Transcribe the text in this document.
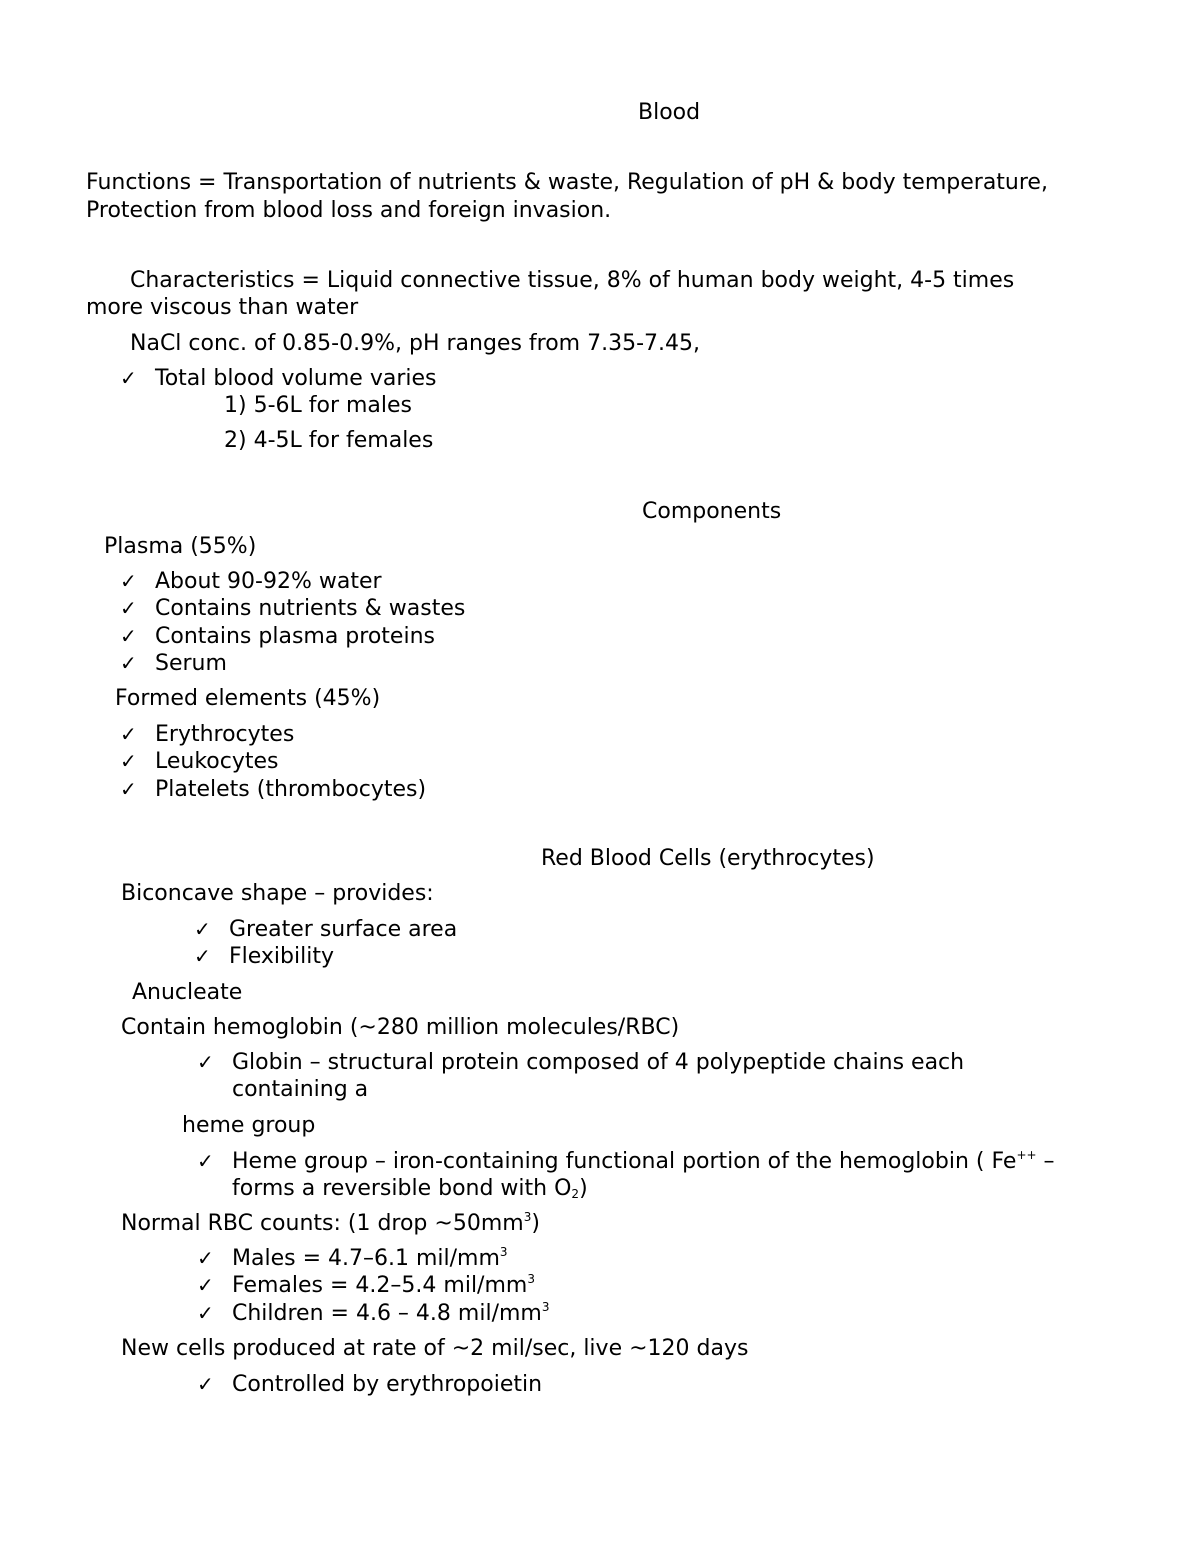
Blood
Functions = Transportation of nutrients & waste, Regulation of pH & body temperature,
Protection from blood loss and foreign invasion.
Characteristics = Liquid connective tissue, 8% of human body weight, 4-5 times
more viscous than water
NaCl conc. of 0.85-0.9%, pH ranges from 7.35-7.45,
✓ Total blood volume varies
1) 5-6L for males
2) 4-5L for females
Components
Plasma (55%)
✓ About 90-92% water
✓ Contains nutrients & wastes
✓ Contains plasma proteins
✓ Serum
Formed elements (45%)
✓ Erythrocytes
✓ Leukocytes
✓ Platelets (thrombocytes)
Red Blood Cells (erythrocytes)
Biconcave shape – provides:
✓ Greater surface area
✓ Flexibility
Anucleate
Contain hemoglobin (~280 million molecules/RBC)
✓ Globin – structural protein composed of 4 polypeptide chains each
containing a
heme group
✓ Heme group – iron-containing functional portion of the hemoglobin ( Fe++ –
forms a reversible bond with $O_2$)
Normal RBC counts: (1 drop $\sim 50mm^3$)
✓ Males = 4.7–6.1 mil/$mm^3$
✓ Females = 4.2–5.4 mil/$mm^3$
✓ Children = 4.6 – 4.8 mil/$mm^3$
New cells produced at rate of ~2 mil/sec, live ~120 days
✓ Controlled by erythropoietin
